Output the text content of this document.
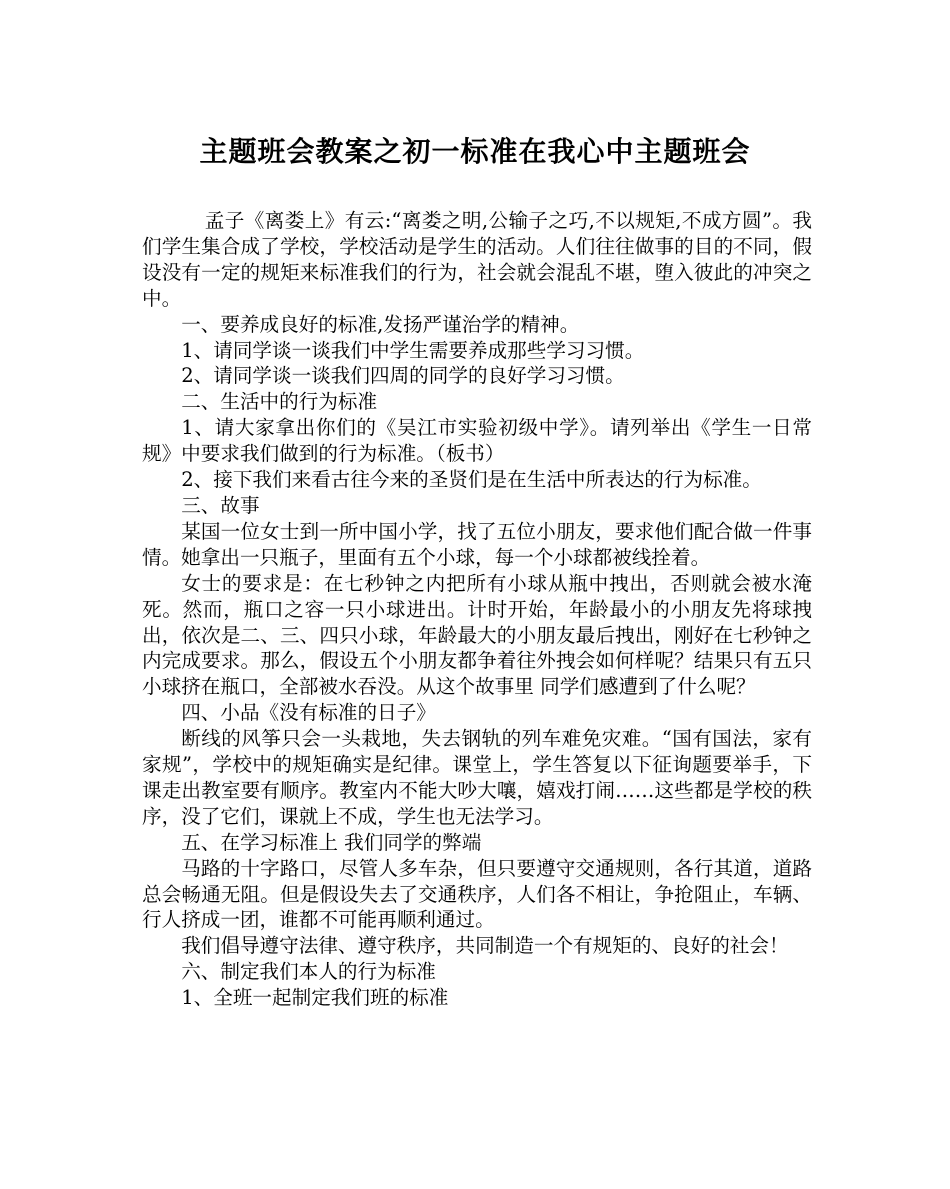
主题班会教案之初一标准在我心中主题班会

孟子《离娄上》有云:“离娄之明,公输子之巧,不以规矩,不成方圆”。我们学生集合成了学校，学校活动是学生的活动。人们往往做事的目的不同，假设没有一定的规矩来标准我们的行为，社会就会混乱不堪，堕入彼此的冲突之中。

一、要养成良好的标准,发扬严谨治学的精神。

1、请同学谈一谈我们中学生需要养成那些学习习惯。

2、请同学谈一谈我们四周的同学的良好学习习惯。

二、生活中的行为标准

1、请大家拿出你们的《吴江市实验初级中学》。请列举出《学生一日常规》中要求我们做到的行为标准。（板书）

2、接下我们来看古往今来的圣贤们是在生活中所表达的行为标准。

三、故事

某国一位女士到一所中国小学，找了五位小朋友，要求他们配合做一件事情。她拿出一只瓶子，里面有五个小球，每一个小球都被线拴着。

女士的要求是：在七秒钟之内把所有小球从瓶中拽出，否则就会被水淹死。然而，瓶口之容一只小球进出。计时开始，年龄最小的小朋友先将球拽出，依次是二、三、四只小球，年龄最大的小朋友最后拽出，刚好在七秒钟之内完成要求。那么，假设五个小朋友都争着往外拽会如何样呢？结果只有五只小球挤在瓶口，全部被水吞没。从这个故事里 同学们感遭到了什么呢？

四、小品《没有标准的日子》

断线的风筝只会一头栽地，失去钢轨的列车难免灾难。“国有国法，家有家规”，学校中的规矩确实是纪律。课堂上，学生答复以下征询题要举手，下课走出教室要有顺序。教室内不能大吵大嚷，嬉戏打闹……这些都是学校的秩序，没了它们，课就上不成，学生也无法学习。

五、在学习标准上 我们同学的弊端

马路的十字路口，尽管人多车杂，但只要遵守交通规则，各行其道，道路总会畅通无阻。但是假设失去了交通秩序，人们各不相让，争抢阻止，车辆、行人挤成一团，谁都不可能再顺利通过。

我们倡导遵守法律、遵守秩序，共同制造一个有规矩的、良好的社会！

六、制定我们本人的行为标准

1、全班一起制定我们班的标准
